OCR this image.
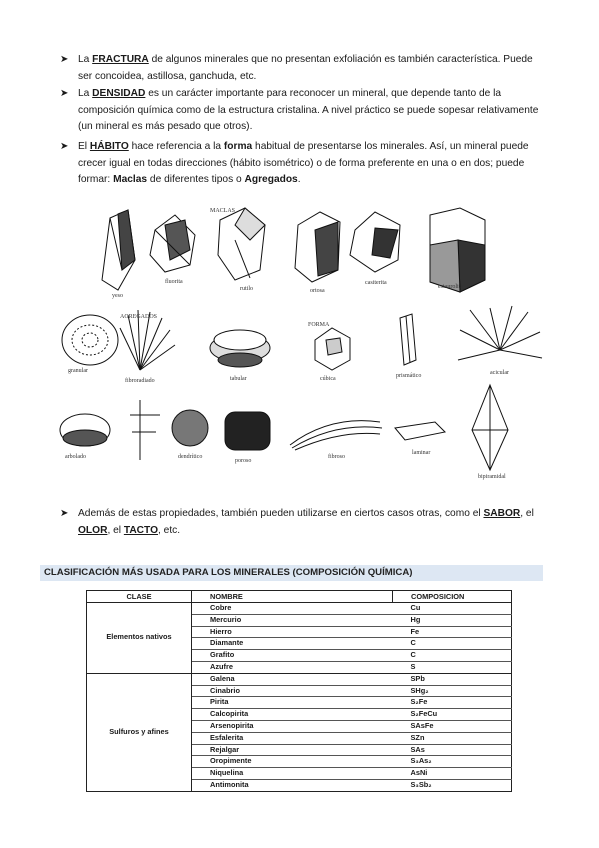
➤ La FRACTURA de algunos minerales que no presentan exfoliación es también característica. Puede ser concoidea, astillosa, ganchuda, etc.
➤ La DENSIDAD es un carácter importante para reconocer un mineral, que depende tanto de la composición química como de la estructura cristalina. A nivel práctico se puede sopesar relativamente (un mineral es más pesado que otros).
➤ El HÁBITO hace referencia a la forma habitual de presentarse los minerales. Así, un mineral puede crecer igual en todas direcciones (hábito isométrico) o de forma preferente en una o en dos; puede formar: Maclas de diferentes tipos o Agregados.
MACLAS
AGREGADOS
FORMA
yeso
fluorita
rutilo	ortosa
casiterita
estaurolita
granular
fibroradiado	tabular	cúbica	prismático	acicular
arbolado	dendrítico
poroso
fibroso
laminar
bipiramidal
➤ Además de estas propiedades, también pueden utilizarse en ciertos casos otras, como el SABOR, el OLOR, el TACTO, etc.
CLASIFICACIÓN MÁS USADA PARA LOS MINERALES (COMPOSICIÓN QUÍMICA)
CLASE	NOMBRE	COMPOSICION
Elementos nativos	Cobre	Cu
	Mercurio	Hg
	Hierro	Fe
	Diamante	C
	Grafito	C
	Azufre	S
Sulfuros y afines	Galena	SPb
	Cinabrio	SHg₂
	Pirita	S₂Fe
	Calcopirita	S₂FeCu
	Arsenopirita	SAsFe
	Esfalerita	SZn
	Rejalgar	SAs
	Oropimente	S₃As₂
	Niquelina	AsNi
	Antimonita	S₃Sb₂
